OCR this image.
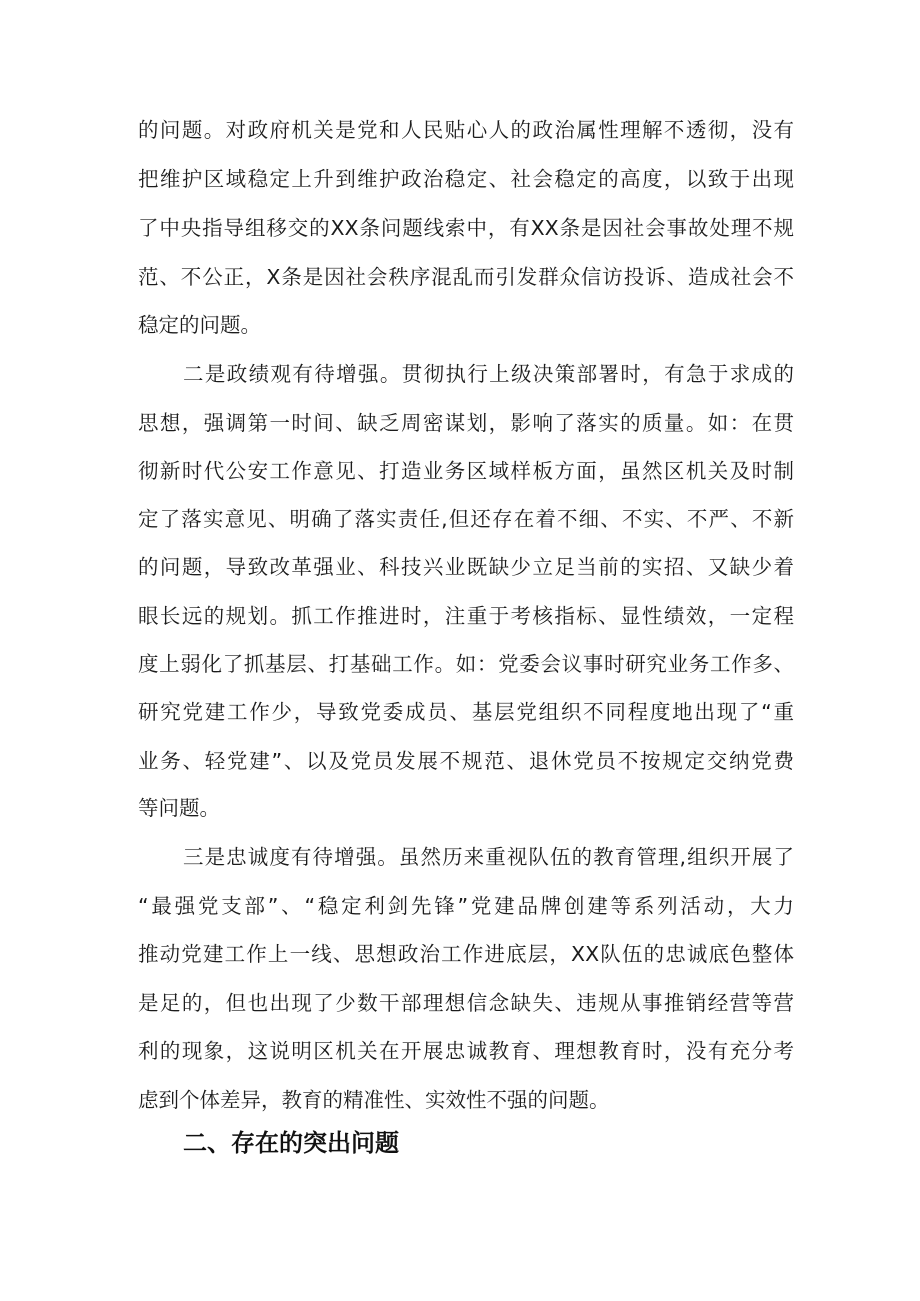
的问题。对政府机关是党和人民贴心人的政治属性理解不透彻，没有
把维护区域稳定上升到维护政治稳定、社会稳定的高度，以致于出现
了中央指导组移交的XX条问题线索中，有XX条是因社会事故处理不规
范、不公正，X条是因社会秩序混乱而引发群众信访投诉、造成社会不
稳定的问题。
二是政绩观有待增强。贯彻执行上级决策部署时，有急于求成的
思想，强调第一时间、缺乏周密谋划，影响了落实的质量。如：在贯
彻新时代公安工作意见、打造业务区域样板方面，虽然区机关及时制
定了落实意见、明确了落实责任,但还存在着不细、不实、不严、不新
的问题，导致改革强业、科技兴业既缺少立足当前的实招、又缺少着
眼长远的规划。抓工作推进时，注重于考核指标、显性绩效，一定程
度上弱化了抓基层、打基础工作。如：党委会议事时研究业务工作多、
研究党建工作少，导致党委成员、基层党组织不同程度地出现了“重
业务、轻党建”、以及党员发展不规范、退休党员不按规定交纳党费
等问题。
三是忠诚度有待增强。虽然历来重视队伍的教育管理,组织开展了
“最强党支部”、“稳定利剑先锋”党建品牌创建等系列活动，大力
推动党建工作上一线、思想政治工作进底层，XX队伍的忠诚底色整体
是足的，但也出现了少数干部理想信念缺失、违规从事推销经营等营
利的现象，这说明区机关在开展忠诚教育、理想教育时，没有充分考
虑到个体差异，教育的精准性、实效性不强的问题。
二、存在的突出问题
